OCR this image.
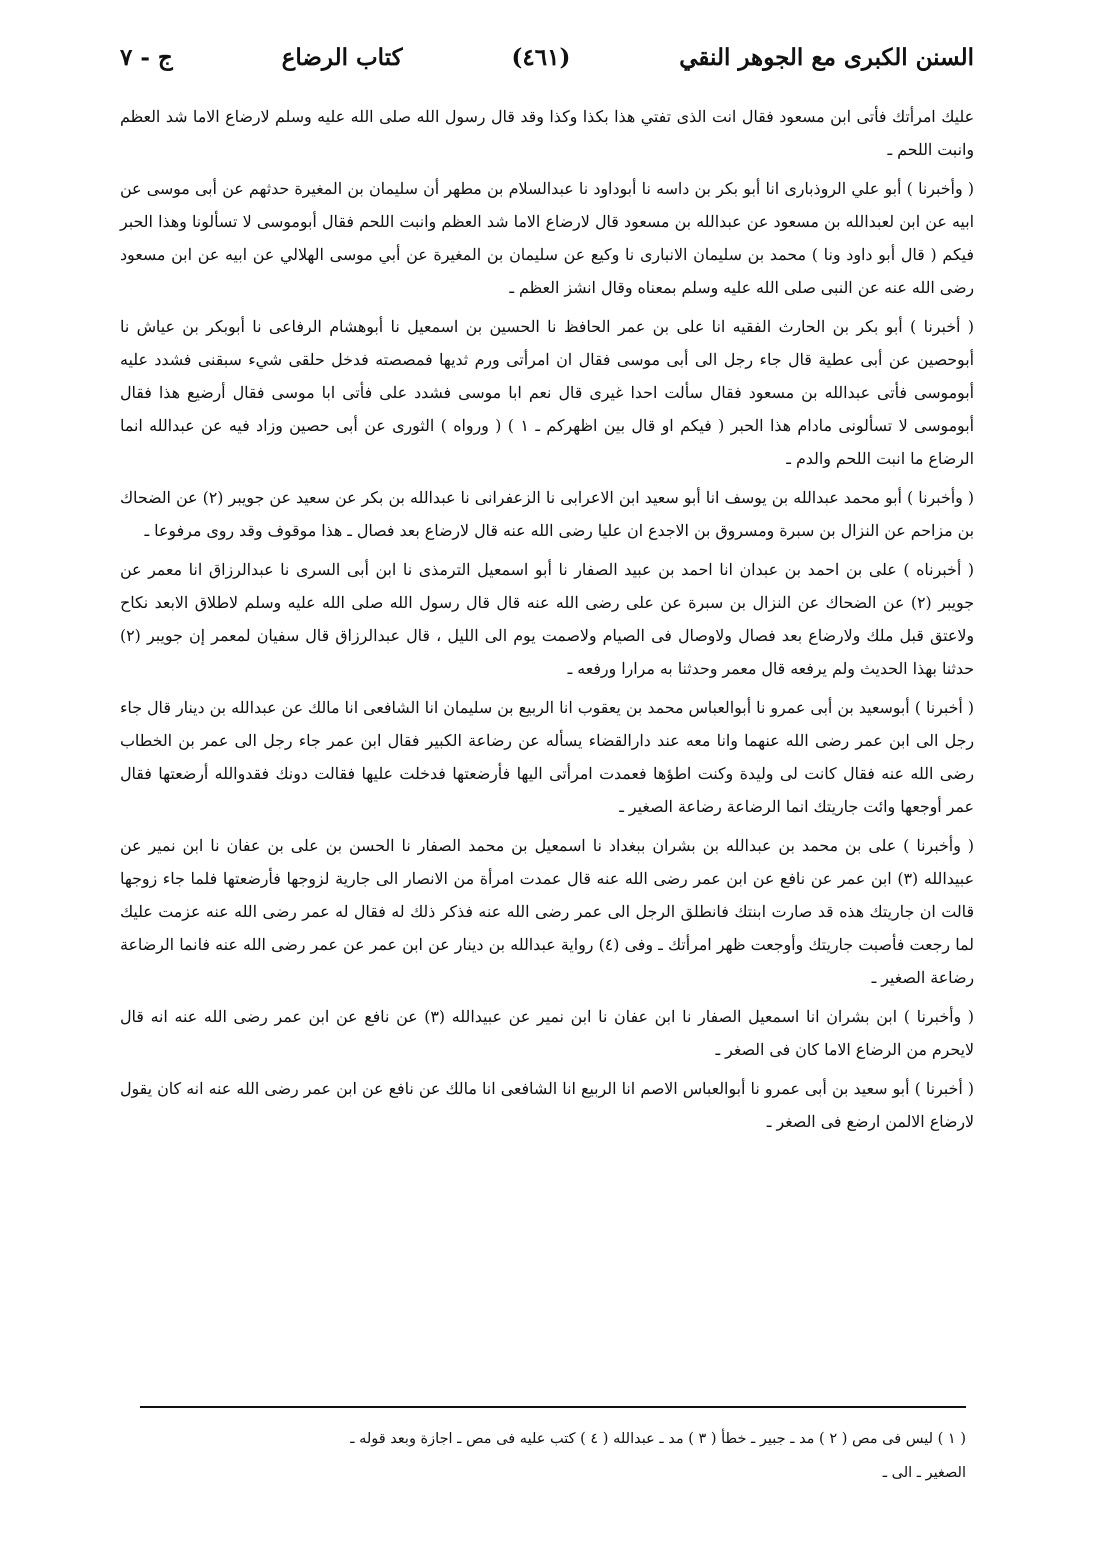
السنن الكبرى مع الجوهر النقي
(٤٦١)
كتاب الرضاع
ج - ٧

عليك امرأتك فأتى ابن مسعود فقال انت الذى تفتي هذا بكذا وكذا وقد قال رسول الله صلى الله عليه وسلم لارضاع الاما شد العظم وانبت اللحم ـ

( وأخبرنا ) أبو علي الروذبارى انا أبو بكر بن داسه نا أبوداود نا عبدالسلام بن مطهر أن سليمان بن المغيرة حدثهم عن أبى موسى عن ابيه عن ابن لعبدالله بن مسعود عن عبدالله بن مسعود قال لارضاع الاما شد العظم وانبت اللحم فقال أبوموسى لا تسألونا وهذا الحبر فيكم ( قال أبو داود ونا ) محمد بن سليمان الانبارى نا وكيع عن سليمان بن المغيرة عن أبي موسى الهلالي عن ابيه عن ابن مسعود رضى الله عنه عن النبى صلى الله عليه وسلم بمعناه وقال انشز العظم ـ

( أخبرنا ) أبو بكر بن الحارث الفقيه انا على بن عمر الحافظ نا الحسين بن اسمعيل نا أبوهشام الرفاعى نا أبوبكر بن عياش نا أبوحصين عن أبى عطية قال جاء رجل الى أبى موسى فقال ان امرأتى ورم ثديها فمصصته فدخل حلقى شيء سبقنى فشدد عليه أبوموسى فأتى عبدالله بن مسعود فقال سألت احدا غيرى قال نعم ابا موسى فشدد على فأتى ابا موسى فقال أرضيع هذا فقال أبوموسى لا تسألونى مادام هذا الحبر ( فيكم او قال بين اظهركم ـ ١ ) ( ورواه ) الثورى عن أبى حصين وزاد فيه عن عبدالله انما الرضاع ما انبت اللحم والدم ـ

( وأخبرنا ) أبو محمد عبدالله بن يوسف انا أبو سعيد ابن الاعرابى نا الزعفرانى نا عبدالله بن بكر عن سعيد عن جويبر (٢) عن الضحاك بن مزاحم عن النزال بن سبرة ومسروق بن الاجدع ان عليا رضى الله عنه قال لارضاع بعد فصال ـ هذا موقوف وقد روى مرفوعا ـ

( أخبرناه ) على بن احمد بن عبدان انا احمد بن عبيد الصفار نا أبو اسمعيل الترمذى نا ابن أبى السرى نا عبدالرزاق انا معمر عن جويبر (٢) عن الضحاك عن النزال بن سبرة عن على رضى الله عنه قال قال رسول الله صلى الله عليه وسلم لاطلاق الابعد نكاح ولاعتق قبل ملك ولارضاع بعد فصال ولاوصال فى الصيام ولاصمت يوم الى الليل ، قال عبدالرزاق قال سفيان لمعمر إن جويبر (٢) حدثنا بهذا الحديث ولم يرفعه قال معمر وحدثنا به مرارا ورفعه ـ

( أخبرنا ) أبوسعيد بن أبى عمرو نا أبوالعباس محمد بن يعقوب انا الربيع بن سليمان انا الشافعى انا مالك عن عبدالله بن دينار قال جاء رجل الى ابن عمر رضى الله عنهما وانا معه عند دارالقضاء يسأله عن رضاعة الكبير فقال ابن عمر جاء رجل الى عمر بن الخطاب رضى الله عنه فقال كانت لى وليدة وكنت اطؤها فعمدت امرأتى اليها فأرضعتها فدخلت عليها فقالت دونك فقدوالله أرضعتها فقال عمر أوجعها وائت جاريتك انما الرضاعة رضاعة الصغير ـ

( وأخبرنا ) على بن محمد بن عبدالله بن بشران ببغداد نا اسمعيل بن محمد الصفار نا الحسن بن على بن عفان نا ابن نمير عن عبيدالله (٣) ابن عمر عن نافع عن ابن عمر رضى الله عنه قال عمدت امرأة من الانصار الى جارية لزوجها فأرضعتها فلما جاء زوجها قالت ان جاريتك هذه قد صارت ابنتك فانطلق الرجل الى عمر رضى الله عنه فذكر ذلك له فقال له عمر رضى الله عنه عزمت عليك لما رجعت فأصبت جاريتك وأوجعت ظهر امرأتك ـ وفى (٤) رواية عبدالله بن دينار عن ابن عمر عن عمر رضى الله عنه فانما الرضاعة رضاعة الصغير ـ

( وأخبرنا ) ابن بشران انا اسمعيل الصفار نا ابن عفان نا ابن نمير عن عبيدالله (٣) عن نافع عن ابن عمر رضى الله عنه انه قال لايحرم من الرضاع الاما كان فى الصغر ـ

( أخبرنا ) أبو سعيد بن أبى عمرو نا أبوالعباس الاصم انا الربيع انا الشافعى انا مالك عن نافع عن ابن عمر رضى الله عنه انه كان يقول لارضاع الالمن ارضع فى الصغر ـ

( ١ ) ليس فى مص ( ٢ ) مد ـ جبير ـ خطأ ( ٣ ) مد ـ عبدالله ( ٤ ) كتب عليه فى مص ـ اجازة وبعد قوله ـ

الصغير ـ الى ـ
